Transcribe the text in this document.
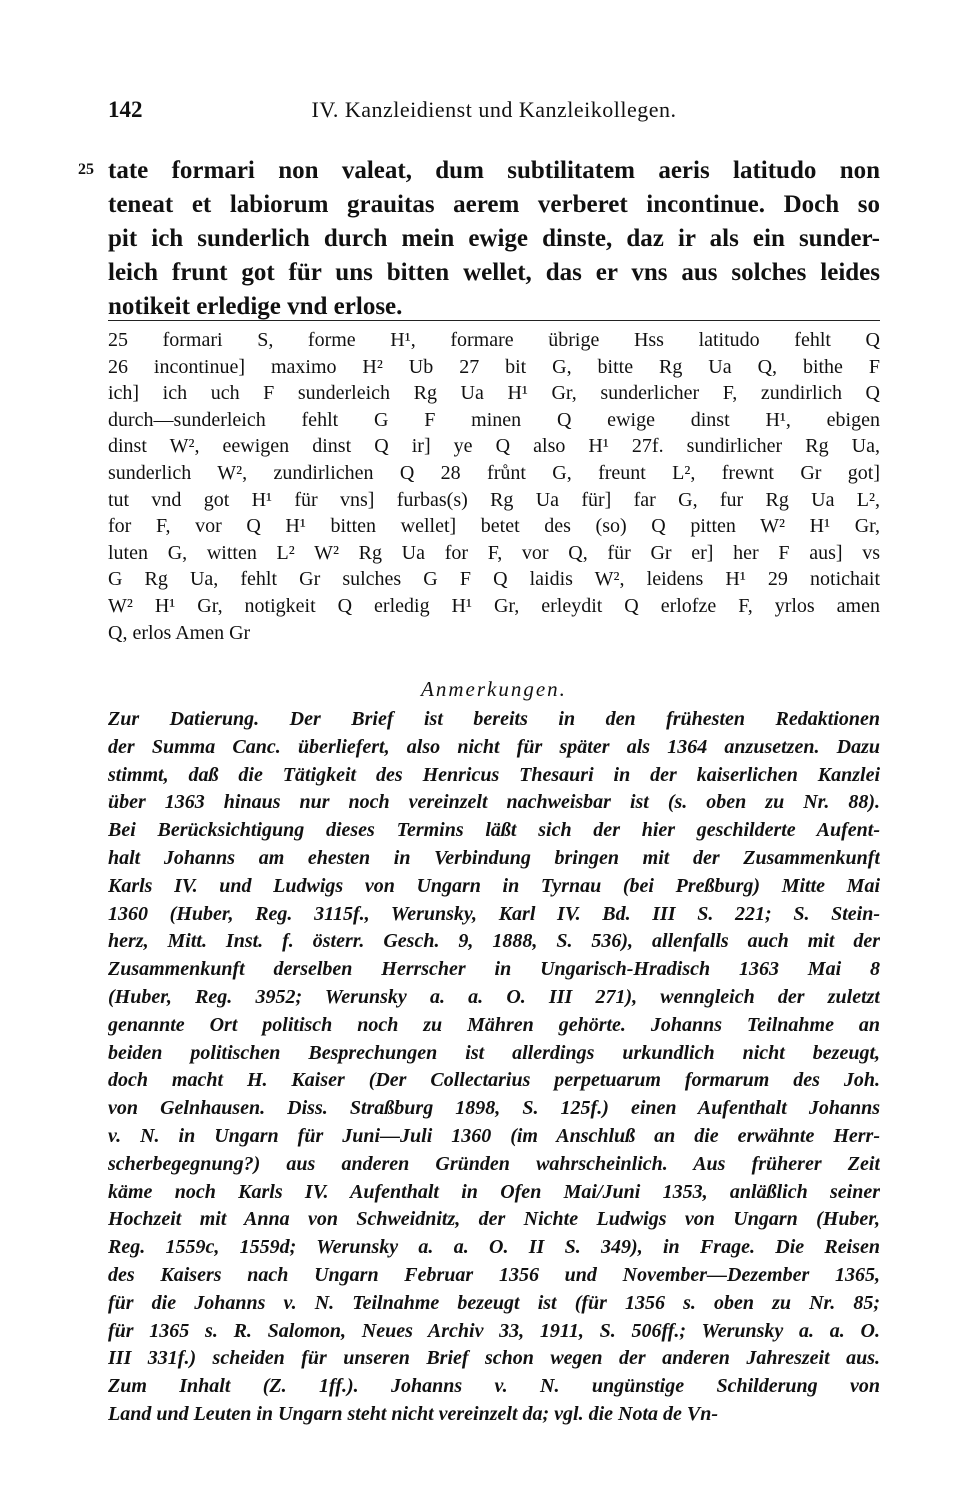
142	IV. Kanzleidienst und Kanzleikollegen.
25 tate formari non valeat, dum subtilitatem aeris latitudo non
teneat et labiorum grauitas aerem verberet incontinue. Doch so
pit ich sunderlich durch mein ewige dinste, daz ir als ein sunder-
leich frunt got für uns bitten wellet, das er vns aus solches leides
notikeit erledige vnd erlose.
25 formari S, forme H¹, formare übrige Hss latitudo fehlt Q
26 incontinue] maximo H² Ub 27 bit G, bitte Rg Ua Q, bithe F
ich] ich uch F sunderleich Rg Ua H¹ Gr, sunderlicher F, zundirlich Q
durch—sunderleich fehlt G F minen Q ewige dinst H¹, ebigen
dinst W², eewigen dinst Q ir] ye Q also H¹ 27f. sundirlicher Rg Ua,
sunderlich W², zundirlichen Q 28 frůnt G, freunt L², frewnt Gr got]
tut vnd got H¹ für vns] furbas(s) Rg Ua für] far G, fur Rg Ua L²,
for F, vor Q H¹ bitten wellet] betet des (so) Q pitten W² H¹ Gr,
luten G, witten L² W² Rg Ua for F, vor Q, für Gr er] her F aus] vs
G Rg Ua, fehlt Gr sulches G F Q laidis W², leidens H¹ 29 notichait
W² H¹ Gr, notigkeit Q erledig H¹ Gr, erleydit Q erlofze F, yrlos amen
Q, erlos Amen Gr
Anmerkungen.
Zur Datierung. Der Brief ist bereits in den frühesten Redaktionen
der Summa Canc. überliefert, also nicht für später als 1364 anzusetzen. Dazu
stimmt, daß die Tätigkeit des Henricus Thesauri in der kaiserlichen Kanzlei
über 1363 hinaus nur noch vereinzelt nachweisbar ist (s. oben zu Nr. 88).
Bei Berücksichtigung dieses Termins läßt sich der hier geschilderte Aufent-
halt Johanns am ehesten in Verbindung bringen mit der Zusammenkunft
Karls IV. und Ludwigs von Ungarn in Tyrnau (bei Preßburg) Mitte Mai
1360 (Huber, Reg. 3115f., Werunsky, Karl IV. Bd. III S. 221; S. Stein-
herz, Mitt. Inst. f. österr. Gesch. 9, 1888, S. 536), allenfalls auch mit der
Zusammenkunft derselben Herrscher in Ungarisch-Hradisch 1363 Mai 8
(Huber, Reg. 3952; Werunsky a. a. O. III 271), wenngleich der zuletzt
genannte Ort politisch noch zu Mähren gehörte. Johanns Teilnahme an
beiden politischen Besprechungen ist allerdings urkundlich nicht bezeugt,
doch macht H. Kaiser (Der Collectarius perpetuarum formarum des Joh.
von Gelnhausen. Diss. Straßburg 1898, S. 125f.) einen Aufenthalt Johanns
v. N. in Ungarn für Juni—Juli 1360 (im Anschluß an die erwähnte Herr-
scherbegegnung?) aus anderen Gründen wahrscheinlich. Aus früherer Zeit
käme noch Karls IV. Aufenthalt in Ofen Mai/Juni 1353, anläßlich seiner
Hochzeit mit Anna von Schweidnitz, der Nichte Ludwigs von Ungarn (Huber,
Reg. 1559c, 1559d; Werunsky a. a. O. II S. 349), in Frage. Die Reisen
des Kaisers nach Ungarn Februar 1356 und November—Dezember 1365,
für die Johanns v. N. Teilnahme bezeugt ist (für 1356 s. oben zu Nr. 85;
für 1365 s. R. Salomon, Neues Archiv 33, 1911, S. 506ff.; Werunsky a. a. O.
III 331f.) scheiden für unseren Brief schon wegen der anderen Jahreszeit aus.
Zum Inhalt (Z. 1ff.). Johanns v. N. ungünstige Schilderung von
Land und Leuten in Ungarn steht nicht vereinzelt da; vgl. die Nota de Vn-
